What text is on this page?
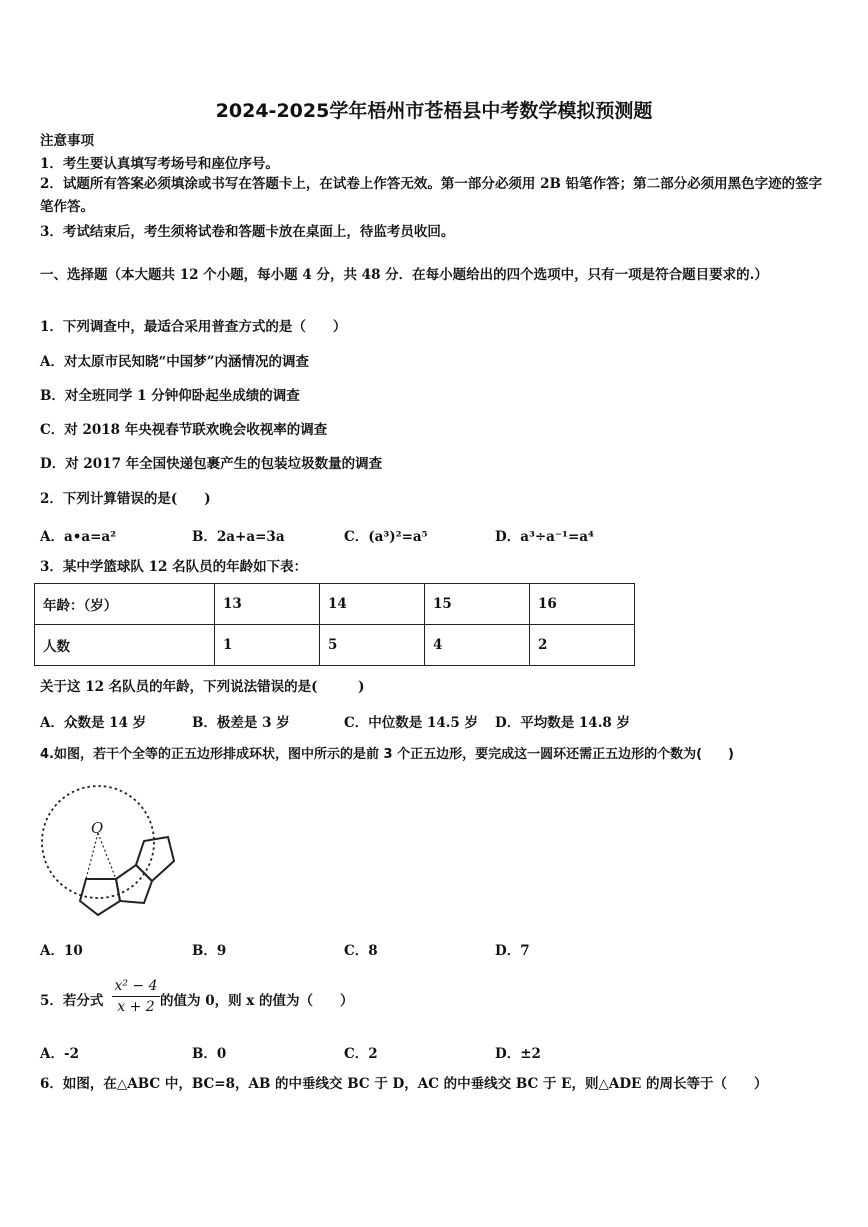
2024-2025学年梧州市苍梧县中考数学模拟预测题
注意事项
1．考生要认真填写考场号和座位序号。
2．试题所有答案必须填涂或书写在答题卡上，在试卷上作答无效。第一部分必须用 2B 铅笔作答；第二部分必须用黑色字迹的签字笔作答。
3．考试结束后，考生须将试卷和答题卡放在桌面上，待监考员收回。
一、选择题（本大题共 12 个小题，每小题 4 分，共 48 分．在每小题给出的四个选项中，只有一项是符合题目要求的.）
1．下列调查中，最适合采用普查方式的是（　　）
A．对太原市民知晓“中国梦”内涵情况的调查
B．对全班同学 1 分钟仰卧起坐成绩的调查
C．对 2018 年央视春节联欢晚会收视率的调查
D．对 2017 年全国快递包裹产生的包装垃圾数量的调查
2．下列计算错误的是(　　)
A．a•a=a²	B．2a+a=3a	C．(a³)²=a⁵	D．a³÷a⁻¹=a⁴
3．某中学篮球队 12 名队员的年龄如下表：
年龄：（岁）	13	14	15	16
人数	1	5	4	2
关于这 12 名队员的年龄，下列说法错误的是(　　　)
A．众数是 14 岁	B．极差是 3 岁	C．中位数是 14.5 岁 D．平均数是 14.8 岁
4.如图，若干个全等的正五边形排成环状，图中所示的是前 3 个正五边形，要完成这一圆环还需正五边形的个数为(　　)
O
A．10	B．9	C．8	D．7
5．若分式 $\frac{\text{x² − 4}}{x + 2}$ 的值为 0，则 x 的值为（　　）
A．-2	B．0	C．2	D．±2
6．如图，在△ABC 中，BC=8，AB 的中垂线交 BC 于 D，AC 的中垂线交 BC 于 E，则△ADE 的周长等于（　　）
